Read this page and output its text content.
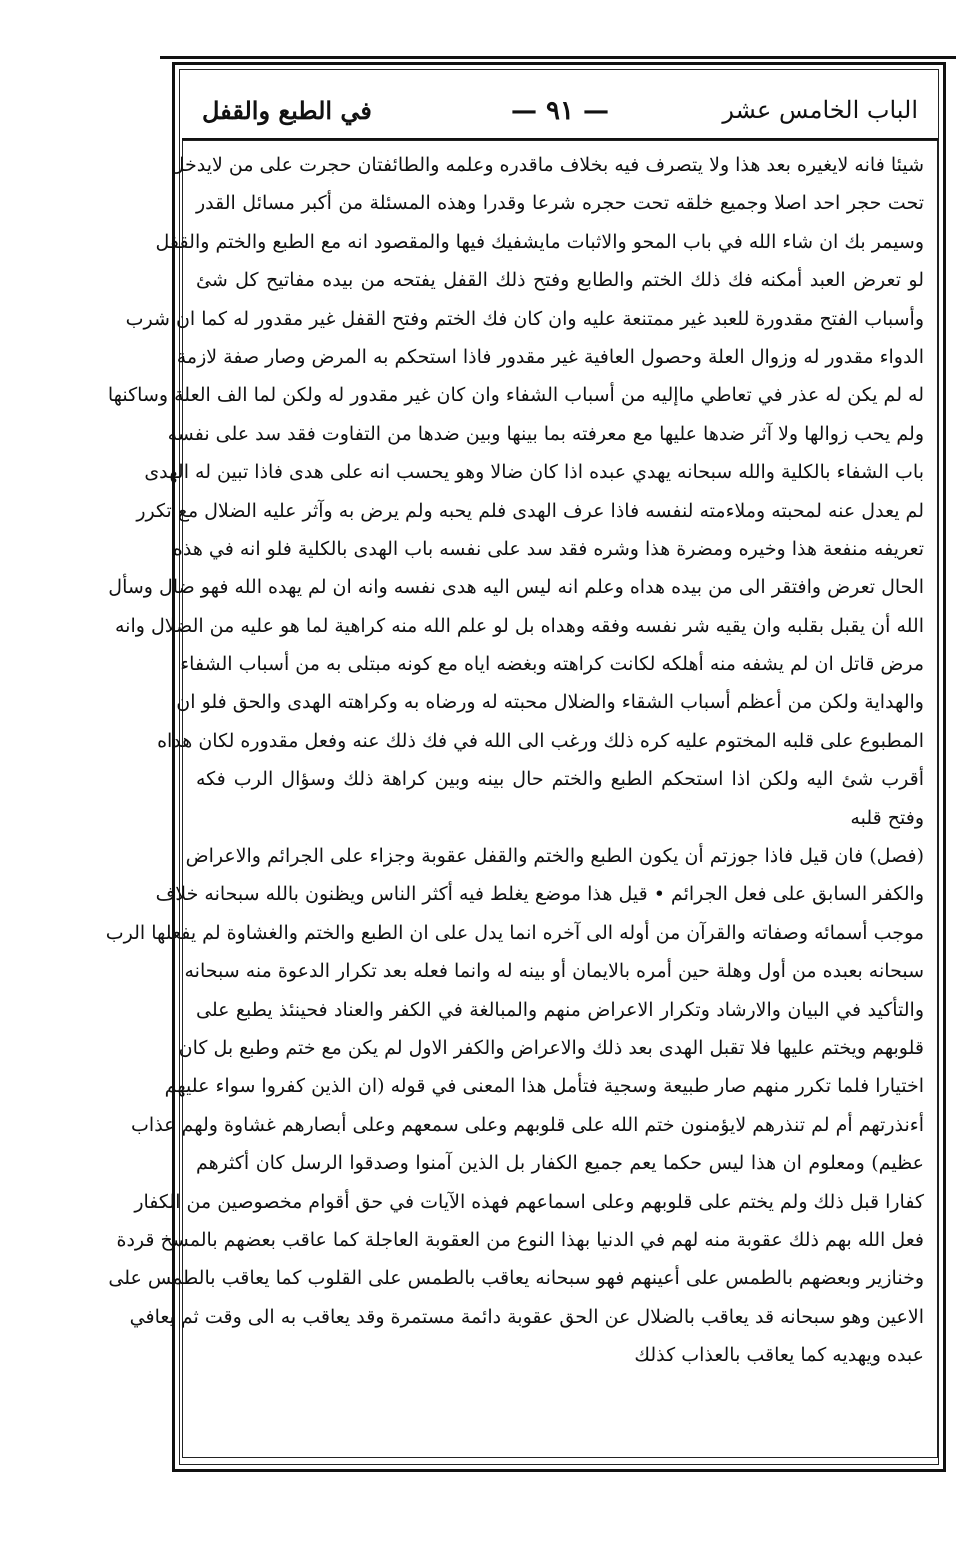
الباب الخامس عشر
— ٩١ —
في الطبع والقفل
شيئا فانه لايغيره بعد هذا ولا يتصرف فيه بخلاف ماقدره وعلمه والطائفتان حجرت على من لايدخل
تحت حجر احد اصلا وجميع خلقه تحت حجره شرعا وقدرا وهذه المسئلة من أكبر مسائل القدر
وسيمر بك ان شاء الله في باب المحو والاثبات مايشفيك فيها والمقصود انه مع الطبع والختم والقفل
لو تعرض العبد أمكنه فك ذلك الختم والطابع وفتح ذلك القفل يفتحه من بيده مفاتيح كل شئ
وأسباب الفتح مقدورة للعبد غير ممتنعة عليه وان كان فك الختم وفتح القفل غير مقدور له كما ان شرب
الدواء مقدور له وزوال العلة وحصول العافية غير مقدور فاذا استحكم به المرض وصار صفة لازمة
له لم يكن له عذر في تعاطي ماإليه من أسباب الشفاء وان كان غير مقدور له ولكن لما الف العلة وساكنها
ولم يحب زوالها ولا آثر ضدها عليها مع معرفته بما بينها وبين ضدها من التفاوت فقد سد على نفسه
باب الشفاء بالكلية والله سبحانه يهدي عبده اذا كان ضالا وهو يحسب انه على هدى فاذا تبين له الهدى
لم يعدل عنه لمحبته وملاءمته لنفسه فاذا عرف الهدى فلم يحبه ولم يرض به وآثر عليه الضلال مع تكرر
تعريفه منفعة هذا وخيره ومضرة هذا وشره فقد سد على نفسه باب الهدى بالكلية فلو انه في هذه
الحال تعرض وافتقر الى من بيده هداه وعلم انه ليس اليه هدى نفسه وانه ان لم يهده الله فهو ضال وسأل
الله أن يقبل بقلبه وان يقيه شر نفسه وفقه وهداه بل لو علم الله منه كراهية لما هو عليه من الضلال وانه
مرض قاتل ان لم يشفه منه أهلكه لكانت كراهته وبغضه اياه مع كونه مبتلى به من أسباب الشفاء
والهداية ولكن من أعظم أسباب الشقاء والضلال محبته له ورضاه به وكراهته الهدى والحق فلو ان
المطبوع على قلبه المختوم عليه كره ذلك ورغب الى الله في فك ذلك عنه وفعل مقدوره لكان هداه
أقرب شئ اليه ولكن اذا استحكم الطبع والختم حال بينه وبين كراهة ذلك وسؤال الرب فكه
وفتح قلبه
(فصل) فان قيل فاذا جوزتم أن يكون الطبع والختم والقفل عقوبة وجزاء على الجرائم والاعراض
والكفر السابق على فعل الجرائم • قيل هذا موضع يغلط فيه أكثر الناس ويظنون بالله سبحانه خلاف
موجب أسمائه وصفاته والقرآن من أوله الى آخره انما يدل على ان الطبع والختم والغشاوة لم يفعلها الرب
سبحانه بعبده من أول وهلة حين أمره بالايمان أو بينه له وانما فعله بعد تكرار الدعوة منه سبحانه
والتأكيد في البيان والارشاد وتكرار الاعراض منهم والمبالغة في الكفر والعناد فحينئذ يطبع على
قلوبهم ويختم عليها فلا تقبل الهدى بعد ذلك والاعراض والكفر الاول لم يكن مع ختم وطبع بل كان
اختيارا فلما تكرر منهم صار طبيعة وسجية فتأمل هذا المعنى في قوله (ان الذين كفروا سواء عليهم
أءنذرتهم أم لم تنذرهم لايؤمنون ختم الله على قلوبهم وعلى سمعهم وعلى أبصارهم غشاوة ولهم عذاب
عظيم) ومعلوم ان هذا ليس حكما يعم جميع الكفار بل الذين آمنوا وصدقوا الرسل كان أكثرهم
كفارا قبل ذلك ولم يختم على قلوبهم وعلى اسماعهم فهذه الآيات في حق أقوام مخصوصين من الكفار
فعل الله بهم ذلك عقوبة منه لهم في الدنيا بهذا النوع من العقوبة العاجلة كما عاقب بعضهم بالمسخ قردة
وخنازير وبعضهم بالطمس على أعينهم فهو سبحانه يعاقب بالطمس على القلوب كما يعاقب بالطمس على
الاعين وهو سبحانه قد يعاقب بالضلال عن الحق عقوبة دائمة مستمرة وقد يعاقب به الى وقت ثم يعافي
عبده ويهديه كما يعاقب بالعذاب كذلك
